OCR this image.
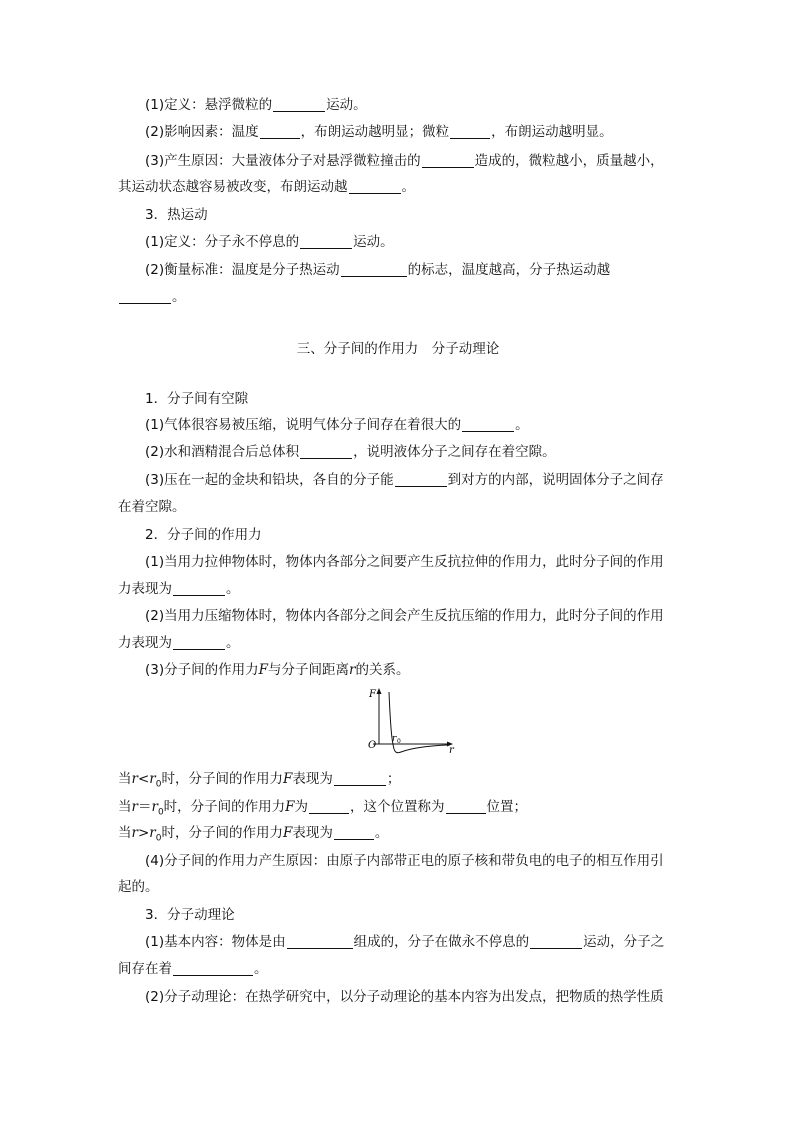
(1)定义：悬浮微粒的	运动。
(2)影响因素：温度	，布朗运动越明显；微粒	，布朗运动越明显。
(3)产生原因：大量液体分子对悬浮微粒撞击的	造成的，微粒越小，质量越小，
其运动状态越容易被改变，布朗运动越	。
3．热运动
(1)定义：分子永不停息的	运动。
(2)衡量标准：温度是分子热运动	的标志，温度越高，分子热运动越
。
三、分子间的作用力　分子动理论
1．分子间有空隙
(1)气体很容易被压缩，说明气体分子间存在着很大的	。
(2)水和酒精混合后总体积	，说明液体分子之间存在着空隙。
(3)压在一起的金块和铅块，各自的分子能	到对方的内部，说明固体分子之间存
在着空隙。
2．分子间的作用力
(1)当用力拉伸物体时，物体内各部分之间要产生反抗拉伸的作用力，此时分子间的作用
力表现为	。
(2)当用力压缩物体时，物体内各部分之间会产生反抗压缩的作用力，此时分子间的作用
力表现为	。
(3)分子间的作用力F与分子间距离r的关系。
F
O	r
r 0
当$r<r_0$时，分子间的作用力F表现为	；
当$r=r_0$时，分子间的作用力F为	，这个位置称为	位置；
当$r>r_0$时，分子间的作用力F表现为	。
(4)分子间的作用力产生原因：由原子内部带正电的原子核和带负电的电子的相互作用引
起的。
3．分子动理论
(1)基本内容：物体是由	组成的，分子在做永不停息的	运动，分子之
间存在着	。
(2)分子动理论：在热学研究中，以分子动理论的基本内容为出发点，把物质的热学性质
